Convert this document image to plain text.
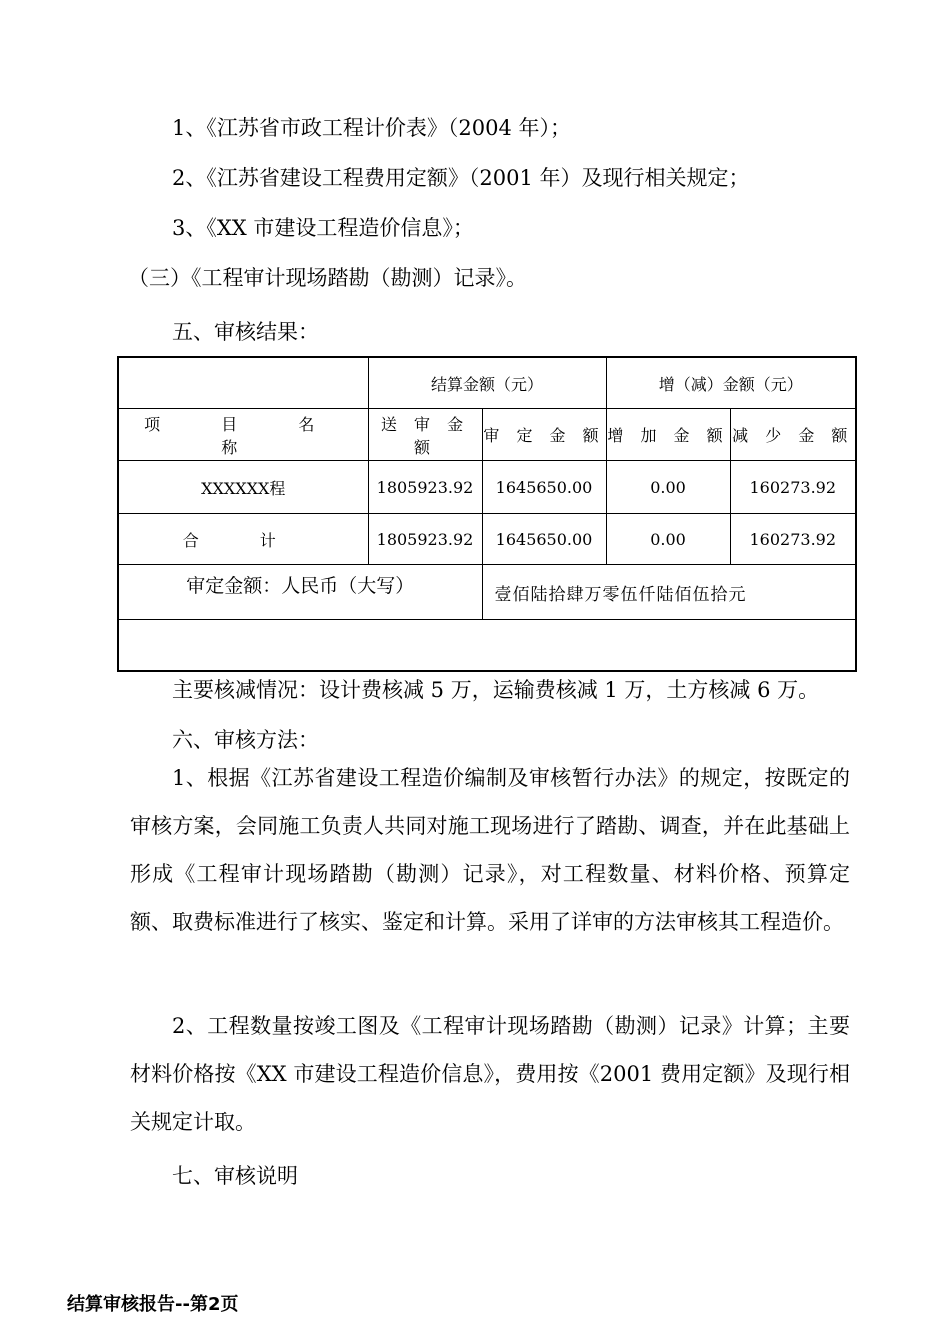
1、《江苏省市政工程计价表》（2004 年）；
2、《江苏省建设工程费用定额》（2001 年）及现行相关规定；
3、《XX 市建设工程造价信息》；
（三）《工程审计现场踏勘（勘测）记录》。
五、审核结果：
	结算金额（元）		增（减）金额（元）	
项 目 名 称	送 审 金 额	审 定 金 额	增 加 金 额	减 少 金 额
XXXXXX程	1805923.92	1645650.00	0.00	160273.92
合 计	1805923.92	1645650.00	0.00	160273.92
审定金额：人民币（大写）		壹佰陆拾肆万零伍仟陆佰伍拾元		

主要核减情况：设计费核减 5 万，运输费核减 1 万，土方核减 6 万。
六、审核方法：

1、根据《江苏省建设工程造价编制及审核暂行办法》的规定，按既定的审核方案，会同施工负责人共同对施工现场进行了踏勘、调查，并在此基础上形成《工程审计现场踏勘（勘测）记录》，对工程数量、材料价格、预算定额、取费标准进行了核实、鉴定和计算。采用了详审的方法审核其工程造价。

2、工程数量按竣工图及《工程审计现场踏勘（勘测）记录》计算；主要材料价格按《XX 市建设工程造价信息》，费用按《2001 费用定额》及现行相关规定计取。

七、审核说明
结算审核报告--第2页
